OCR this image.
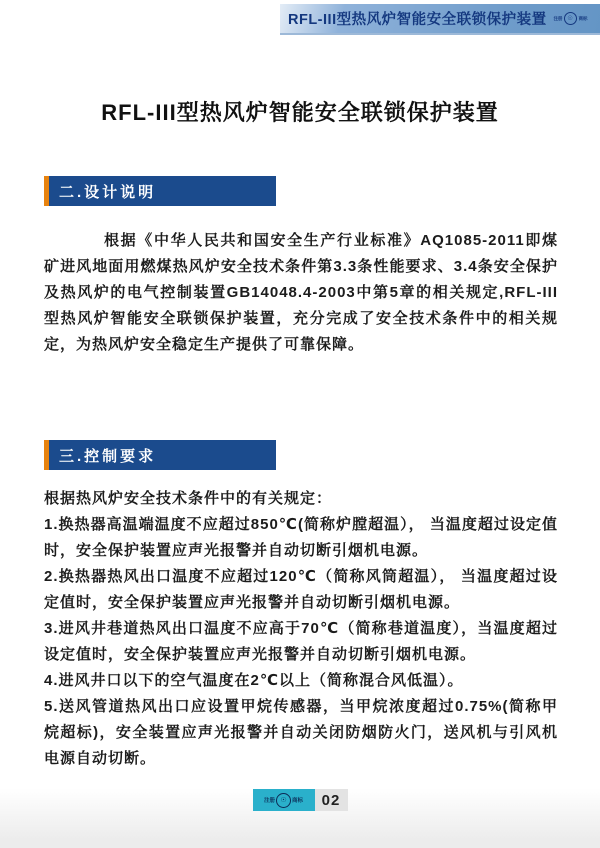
RFL-III型热风炉智能安全联锁保护装置 注册 ☉	商标
RFL-III型热风炉智能安全联锁保护装置
二.设计说明
根据《中华人民共和国安全生产行业标准》AQ1085-2011即煤矿进风地面用燃煤热风炉安全技术条件第3.3条性能要求、3.4条安全保护及热风炉的电气控制装置GB14048.4-2003中第5章的相关规定,RFL-III型热风炉智能安全联锁保护装置，充分完成了安全技术条件中的相关规定，为热风炉安全稳定生产提供了可靠保障。
三.控制要求

根据热风炉安全技术条件中的有关规定：

1.换热器高温端温度不应超过850℃(简称炉膛超温）， 当温度超过设定值时，安全保护装置应声光报警并自动切断引烟机电源。

2.换热器热风出口温度不应超过120℃（简称风筒超温）， 当温度超过设定值时，安全保护装置应声光报警并自动切断引烟机电源。

3.进风井巷道热风出口温度不应高于70℃（简称巷道温度），当温度超过设定值时，安全保护装置应声光报警并自动切断引烟机电源。

4.进风井口以下的空气温度在2℃以上（简称混合风低温）。

5.送风管道热风出口应设置甲烷传感器，当甲烷浓度超过0.75%(简称甲烷超标)，安全装置应声光报警并自动关闭防烟防火门，送风机与引风机电源自动切断。

注册 ☉ 商标	02
